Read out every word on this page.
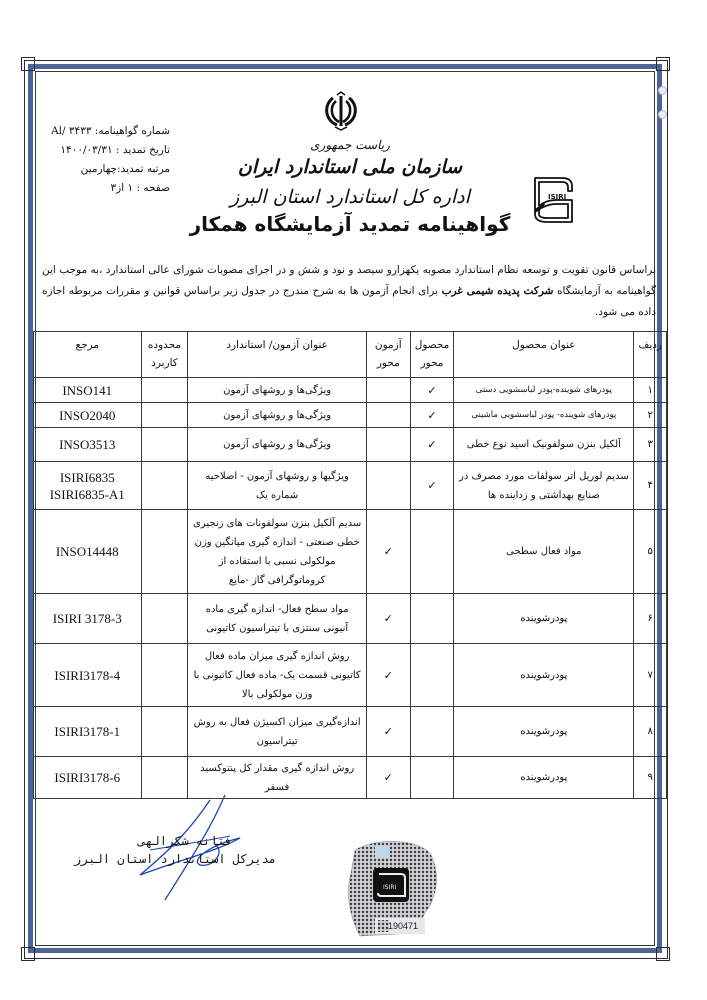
شماره گواهینامه: Al/ ۳۴۳۳
تاریخ تمدید : ۱۴۰۰/۰۳/۳۱
مرتبه تمدید:چهارمین
صفحه : ۱ از۳
ریاست جمهوری
سازمان ملی استاندارد ایران
اداره کل استاندارد استان البرز
گواهینامه تمدید آزمایشگاه همکار
ISIRI
براساس قانون تقویت و توسعه نظام استاندارد مصوبه یکهزارو سیصد و نود و شش و در اجرای مصوبات شورای عالی استاندارد ،به موجب این گواهینامه به آزمایشگاه شرکت پدیده شیمی غرب برای انجام آزمون ها به شرح مندرج در جدول زیر براساس قوانین و مقررات مربوطه اجازه داده می شود.
ردیف	عنوان محصول	محصول محور	آزمون محور	عنوان آزمون/ استاندارد	محدوده کاربرد	مرجع
۱	پودرهای شوینده-پودر لباسشویی دستی	✓		ویژگی‌ها و روشهای آزمون		INSO141
۲	پودرهای شوینده- پودر لباسشویی ماشینی	✓		ویژگی‌ها و روشهای آزمون		INSO2040
۳	آلکیل بنزن سولفونیک اسید نوع خطی	✓		ویژگی‌ها و روشهای آزمون		INSO3513
۴	سدیم لوریل اتر سولفات مورد مصرف در صنایع بهداشتی و زداینده ها	✓		ویژگیها و روشهای آزمون - اصلاحیه شماره یک		ISIRI6835
ISIRI6835-A1

۵	مواد فعال سطحی		✓	سدیم آلکیل بنزن سولفونات های زنجیری خطی صنعتی - اندازه گیری میانگین وزن مولکولی نسبی با استفاده از کروماتوگرافی گاز -مایع		INSO14448
۶	پودرشوینده		✓	مواد سطح فعال- اندازه گیری ماده آنیونی سنتزی با تیتراسیون کاتیونی		ISIRI 3178-3
۷	پودرشوینده		✓	روش اندازه گیری میزان ماده فعال کاتیونی قسمت یک- ماده فعال کاتیونی با وزن مولکولی بالا		ISIRI3178-4
۸	پودرشوینده		✓	اندازه‌گیری میزان اکسیژن فعال به روش تیتراسیون		ISIRI3178-1
۹	پودرشوینده		✓	روش اندازه گیری مقدار کل پنتوکسید فسفر		ISIRI3178-6
فتانه شکرالهی
مدیرکل استاندارد استان البرز
ISIRI
190471
